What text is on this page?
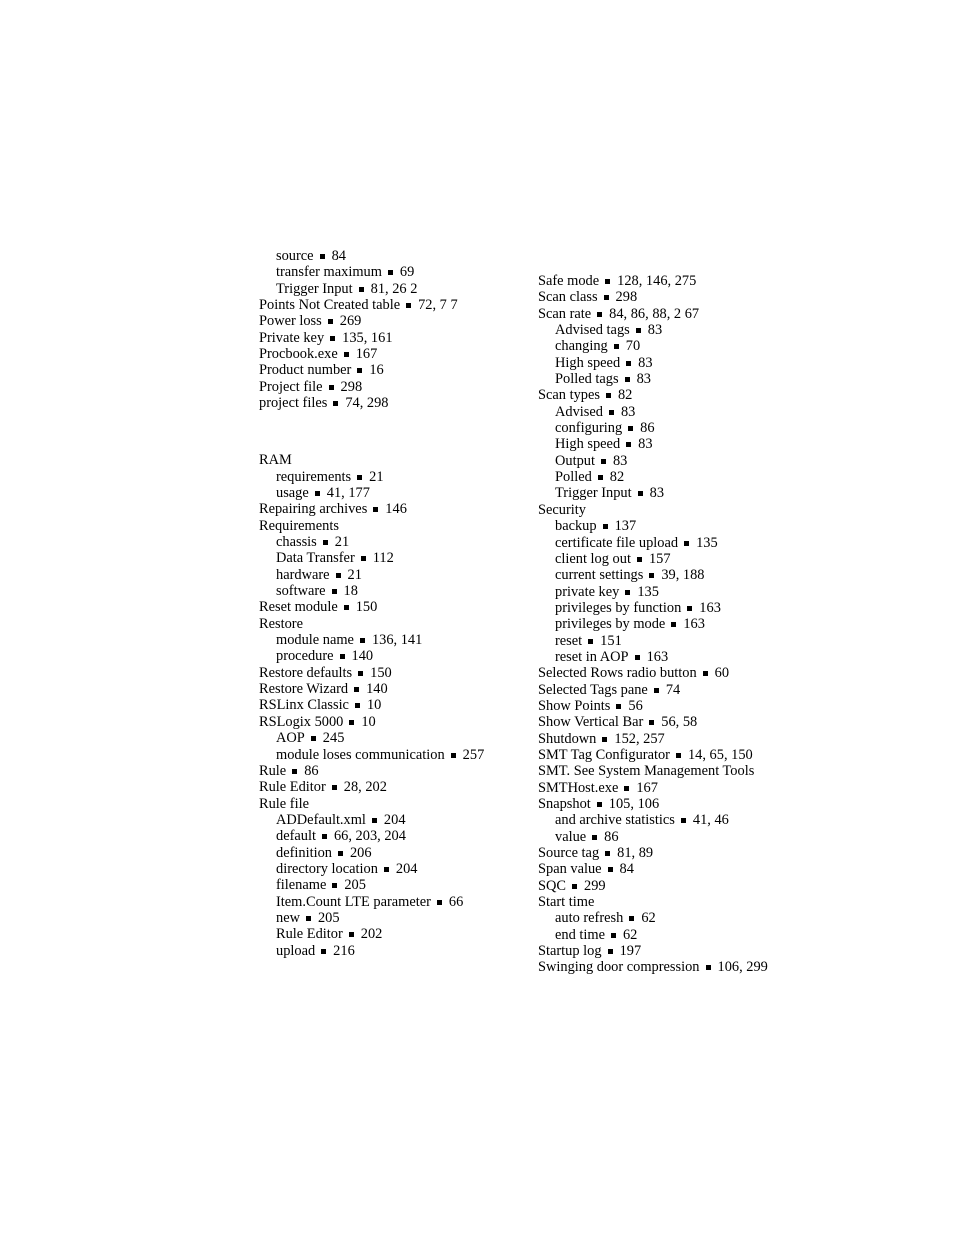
source 84
transfer maximum 69
Trigger Input 81, 26 2
Points Not Created table 72, 7 7
Power loss 269
Private key 135, 161
Procbook.exe 167
Product number 16
Project file 298
project files 74, 298
RAM
requirements 21
usage 41, 177
Repairing archives 146
Requirements
chassis 21
Data Transfer 112
hardware 21
software 18
Reset module 150
Restore
module name 136, 141
procedure 140
Restore defaults 150
Restore Wizard 140
RSLinx Classic 10
RSLogix 5000 10
AOP 245
module loses communication 257
Rule 86
Rule Editor 28, 202
Rule file
ADDefault.xml 204
default 66, 203, 204
definition 206
directory location 204
filename 205
Item.Count LTE parameter 66
new 205
Rule Editor 202
upload 216
Safe mode 128, 146, 275
Scan class 298
Scan rate 84, 86, 88, 2 67
Advised tags 83
changing 70
High speed 83
Polled tags 83
Scan types 82
Advised 83
configuring 86
High speed 83
Output 83
Polled 82
Trigger Input 83
Security
backup 137
certificate file upload 135
client log out 157
current settings 39, 188
private key 135
privileges by function 163
privileges by mode 163
reset 151
reset in AOP 163
Selected Rows radio button 60
Selected Tags pane 74
Show Points 56
Show Vertical Bar 56, 58
Shutdown 152, 257
SMT Tag Configurator 14, 65, 150
SMT. See System Management Tools
SMTHost.exe 167
Snapshot 105, 106
and archive statistics 41, 46
value 86
Source tag 81, 89
Span value 84
SQC 299
Start time
auto refresh 62
end time 62
Startup log 197
Swinging door compression 106, 299
